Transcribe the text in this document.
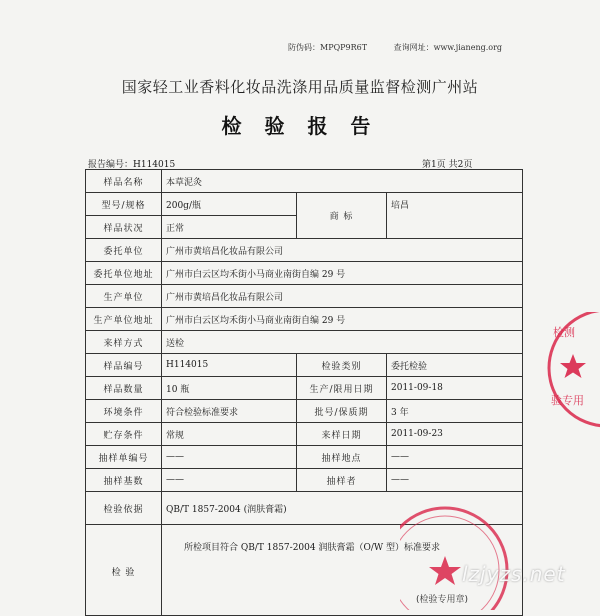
防伪码：MPQP9R6T	查询网址：www.jianeng.org
国家轻工业香料化妆品洗涤用品质量监督检测广州站
检 验 报 告
报告编号：H114015	第1页 共2页
样品名称	本草泥灸		
型号/规格	200g/瓶	商 标	培昌
样品状况	正常		
委托单位	广州市黄培昌化妆品有限公司		
委托单位地址	广州市白云区均禾街小马商业南街自编 29 号		
生产单位	广州市黄培昌化妆品有限公司		
生产单位地址	广州市白云区均禾街小马商业南街自编 29 号		
来样方式	送检		
样品编号	H114015	检验类别	委托检验
样品数量	10 瓶	生产/限用日期	2011-09-18
环境条件	符合检验标准要求	批号/保质期	3 年
贮存条件	常规	来样日期	2011-09-23
抽样单编号	——	抽样地点	——
抽样基数	——	抽样者	——
检验依据	QB/T 1857-2004 (润肤膏霜)		

检 验	所检项目符合 QB/T 1857-2004 润肤膏霜（O/W 型）标准要求		
检测
验专用
(检验专用章)
lzjyzs.net
